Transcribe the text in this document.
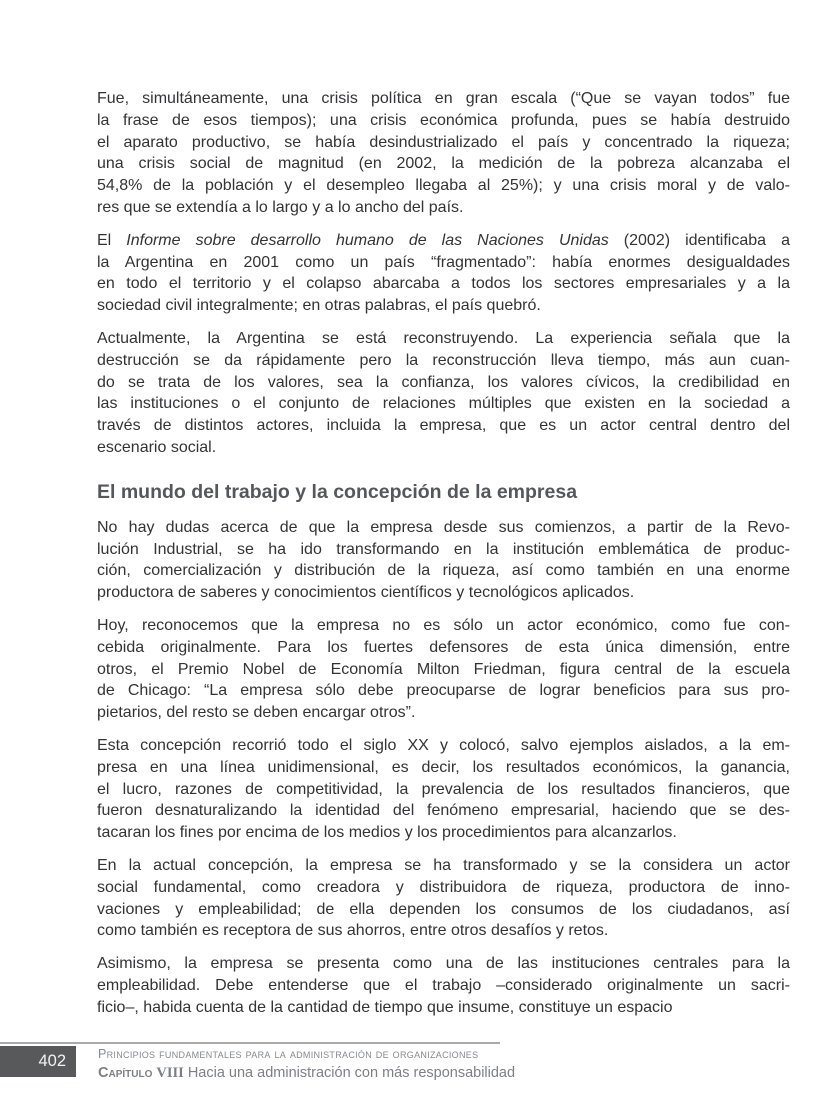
Fue, simultáneamente, una crisis política en gran escala (“Que se vayan todos” fue
la frase de esos tiempos); una crisis económica profunda, pues se había destruido
el aparato productivo, se había desindustrializado el país y concentrado la riqueza;
una crisis social de magnitud (en 2002, la medición de la pobreza alcanzaba el
54,8% de la población y el desempleo llegaba al 25%); y una crisis moral y de valo-
res que se extendía a lo largo y a lo ancho del país.
El Informe sobre desarrollo humano de las Naciones Unidas (2002) identificaba a
la Argentina en 2001 como un país “fragmentado”: había enormes desigualdades
en todo el territorio y el colapso abarcaba a todos los sectores empresariales y a la
sociedad civil integralmente; en otras palabras, el país quebró.
Actualmente, la Argentina se está reconstruyendo. La experiencia señala que la
destrucción se da rápidamente pero la reconstrucción lleva tiempo, más aun cuan-
do se trata de los valores, sea la confianza, los valores cívicos, la credibilidad en
las instituciones o el conjunto de relaciones múltiples que existen en la sociedad a
través de distintos actores, incluida la empresa, que es un actor central dentro del
escenario social.
El mundo del trabajo y la concepción de la empresa
No hay dudas acerca de que la empresa desde sus comienzos, a partir de la Revo-
lución Industrial, se ha ido transformando en la institución emblemática de produc-
ción, comercialización y distribución de la riqueza, así como también en una enorme
productora de saberes y conocimientos científicos y tecnológicos aplicados.
Hoy, reconocemos que la empresa no es sólo un actor económico, como fue con-
cebida originalmente. Para los fuertes defensores de esta única dimensión, entre
otros, el Premio Nobel de Economía Milton Friedman, figura central de la escuela
de Chicago: “La empresa sólo debe preocuparse de lograr beneficios para sus pro-
pietarios, del resto se deben encargar otros”.
Esta concepción recorrió todo el siglo XX y colocó, salvo ejemplos aislados, a la em-
presa en una línea unidimensional, es decir, los resultados económicos, la ganancia,
el lucro, razones de competitividad, la prevalencia de los resultados financieros, que
fueron desnaturalizando la identidad del fenómeno empresarial, haciendo que se des-
tacaran los fines por encima de los medios y los procedimientos para alcanzarlos.
En la actual concepción, la empresa se ha transformado y se la considera un actor
social fundamental, como creadora y distribuidora de riqueza, productora de inno-
vaciones y empleabilidad; de ella dependen los consumos de los ciudadanos, así
como también es receptora de sus ahorros, entre otros desafíos y retos.
Asimismo, la empresa se presenta como una de las instituciones centrales para la
empleabilidad. Debe entenderse que el trabajo –considerado originalmente un sacri-
ficio–, habida cuenta de la cantidad de tiempo que insume, constituye un espacio
402	Principios fundamentales para la administración de organizaciones
Capítulo VIII Hacia una administración con más responsabilidad
